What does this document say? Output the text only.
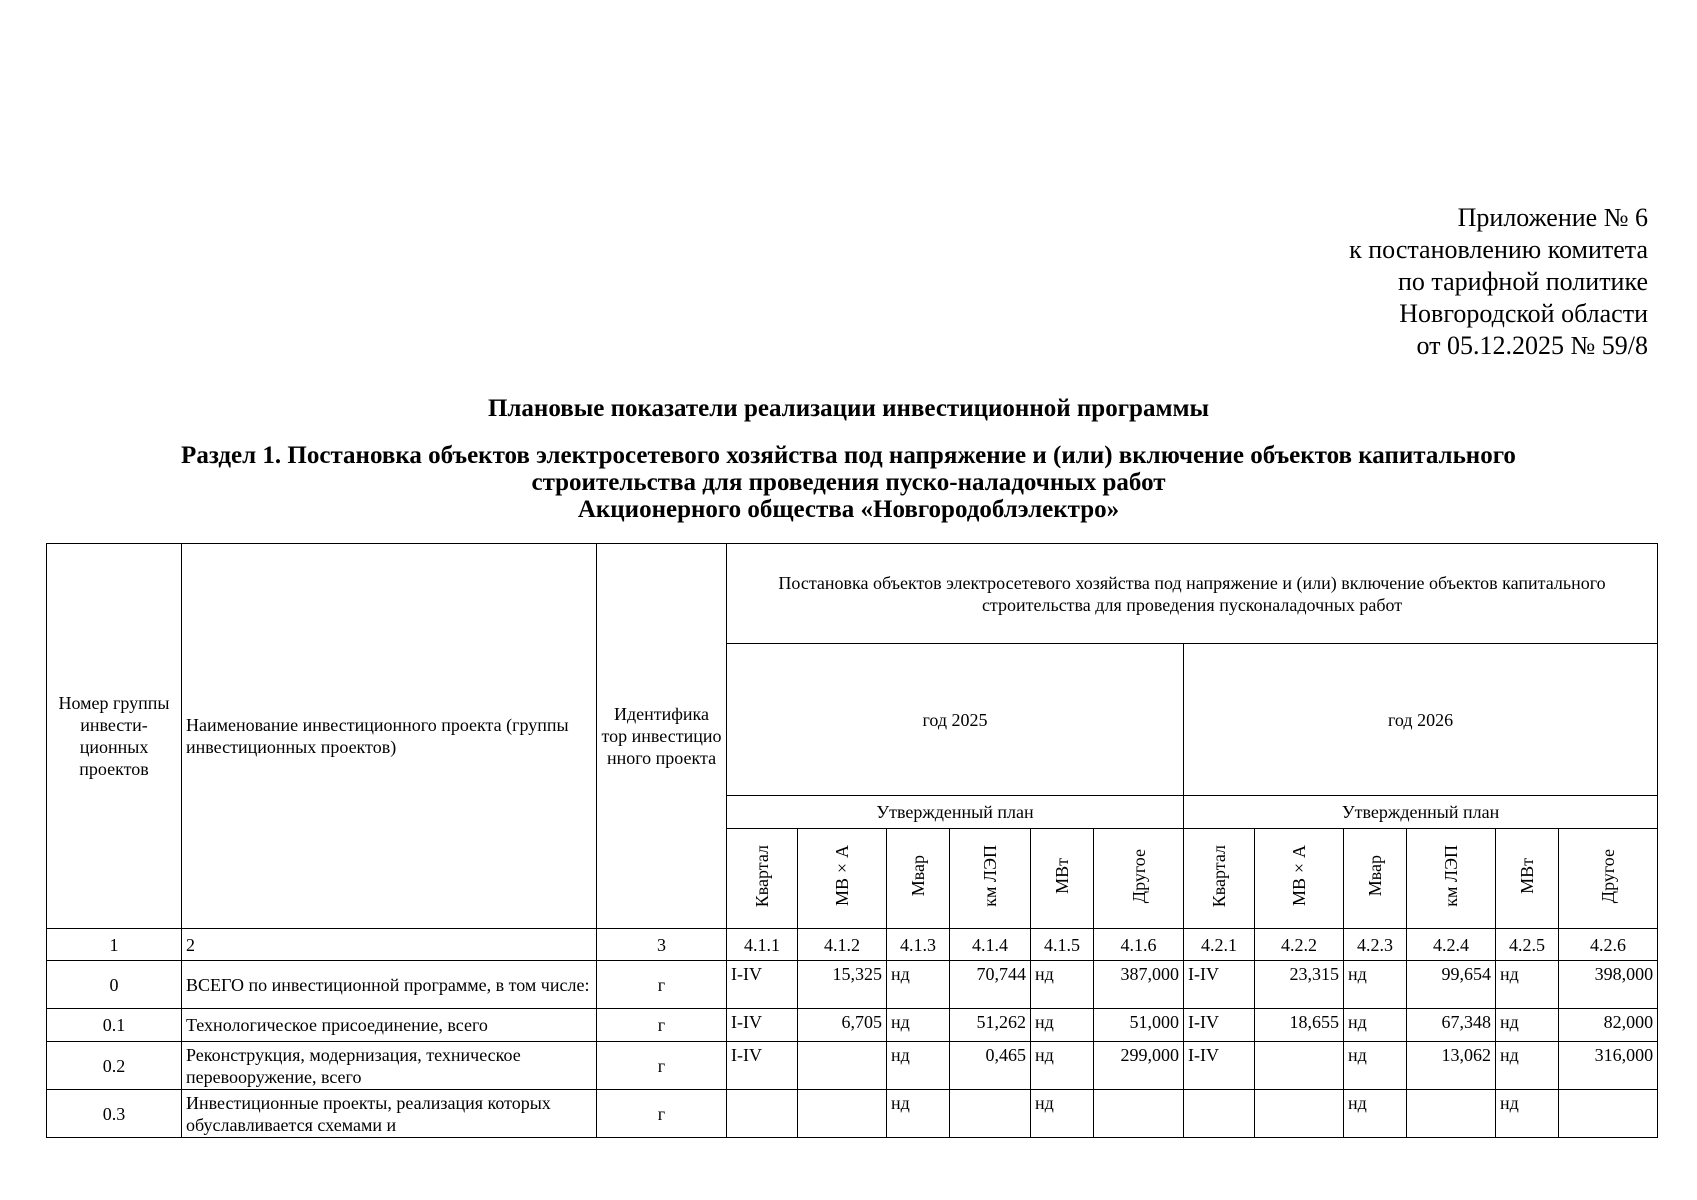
Приложение № 6
к постановлению комитета
по тарифной политике
Новгородской области
от 05.12.2025 № 59/8
Плановые показатели реализации инвестиционной программы
Раздел 1. Постановка объектов электросетевого хозяйства под напряжение и (или) включение объектов капитального
строительства для проведения пуско-наладочных работ
Акционерного общества «Новгородоблэлектро»
Номер группы инвести-ционных проектов	Наименование инвестиционного проекта (группы инвестиционных проектов)	Идентифика тор инвестицио нного проекта	Постановка объектов электросетевого хозяйства под напряжение и (или) включение объектов капитального строительства для проведения пусконаладочных работ											
			год 2025						год 2026					
			Утвержденный план						Утвержденный план					
			Квартал	МВ×А	Мвар	км ЛЭП	МВт	Другое	Квартал	МВ×А	Мвар	км ЛЭП	МВт	Другое
1	2	3	4.1.1	4.1.2	4.1.3	4.1.4	4.1.5	4.1.6	4.2.1	4.2.2	4.2.3	4.2.4	4.2.5	4.2.6
0	ВСЕГО по инвестиционной программе, в том числе:	г	I-IV	15,325	нд	70,744	нд	387,000	I-IV	23,315	нд	99,654	нд	398,000
0.1	Технологическое присоединение, всего	г	I-IV	6,705	нд	51,262	нд	51,000	I-IV	18,655	нд	67,348	нд	82,000
0.2	Реконструкция, модернизация, техническое перевооружение, всего	г	I-IV		нд	0,465	нд	299,000	I-IV		нд	13,062	нд	316,000
0.3	Инвестиционные проекты, реализация которых обуславливается схемами и	г			нд		нд				нд		нд	
